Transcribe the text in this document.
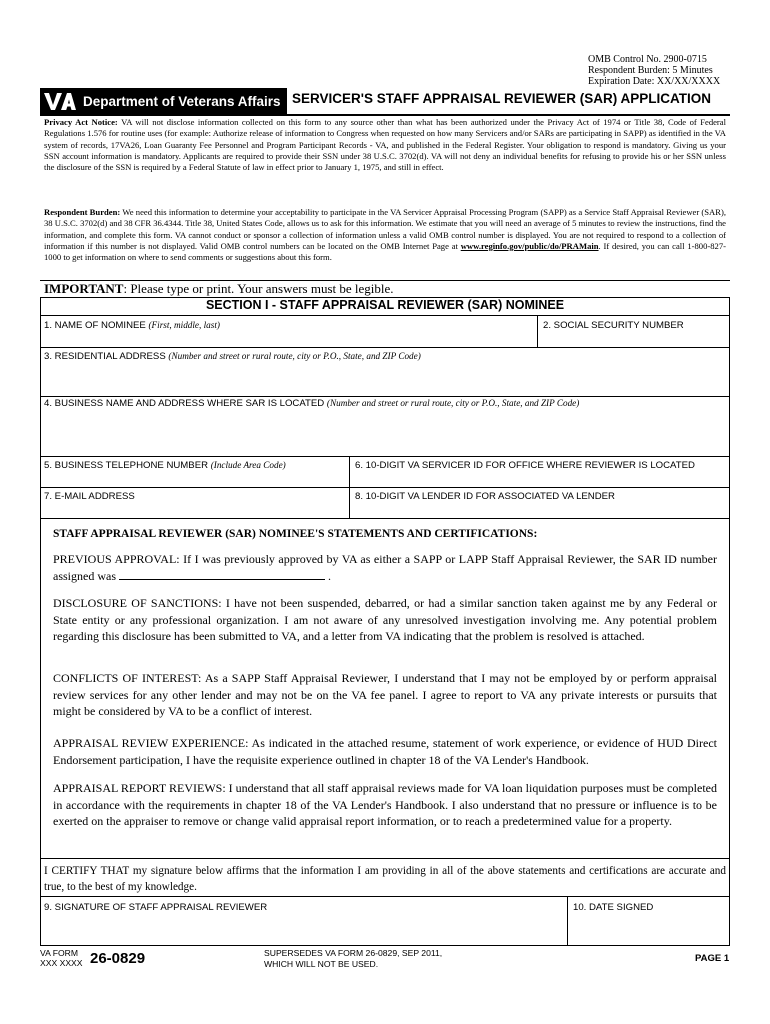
OMB Control No. 2900-0715
Respondent Burden: 5 Minutes
Expiration Date: XX/XX/XXXX
Department of Veterans Affairs SERVICER'S STAFF APPRAISAL REVIEWER (SAR) APPLICATION
Privacy Act Notice: VA will not disclose information collected on this form to any source other than what has been authorized under the Privacy Act of 1974 or Title 38, Code of Federal Regulations 1.576 for routine uses (for example: Authorize release of information to Congress when requested on how many Servicers and/or SARs are participating in SAPP) as identified in the VA system of records, 17VA26, Loan Guaranty Fee Personnel and Program Participant Records - VA, and published in the Federal Register. Your obligation to respond is mandatory. Giving us your SSN account information is mandatory. Applicants are required to provide their SSN under 38 U.S.C. 3702(d). VA will not deny an individual benefits for refusing to provide his or her SSN unless the disclosure of the SSN is required by a Federal Statute of law in effect prior to January 1, 1975, and still in effect.
Respondent Burden: We need this information to determine your acceptability to participate in the VA Servicer Appraisal Processing Program (SAPP) as a Service Staff Appraisal Reviewer (SAR), 38 U.S.C. 3702(d) and 38 CFR 36.4344. Title 38, United States Code, allows us to ask for this information. We estimate that you will need an average of 5 minutes to review the instructions, find the information, and complete this form. VA cannot conduct or sponsor a collection of information unless a valid OMB control number is displayed. You are not required to respond to a collection of information if this number is not displayed. Valid OMB control numbers can be located on the OMB Internet Page at www.reginfo.gov/public/do/PRAMain. If desired, you can call 1-800-827-1000 to get information on where to send comments or suggestions about this form.
IMPORTANT: Please type or print. Your answers must be legible.
SECTION I - STAFF APPRAISAL REVIEWER (SAR) NOMINEE
1. NAME OF NOMINEE (First, middle, last)	2. SOCIAL SECURITY NUMBER
3. RESIDENTIAL ADDRESS (Number and street or rural route, city or P.O., State, and ZIP Code)
4. BUSINESS NAME AND ADDRESS WHERE SAR IS LOCATED (Number and street or rural route, city or P.O., State, and ZIP Code)
5. BUSINESS TELEPHONE NUMBER (Include Area Code)	6. 10-DIGIT VA SERVICER ID FOR OFFICE WHERE REVIEWER IS LOCATED
7. E-MAIL ADDRESS	8. 10-DIGIT VA LENDER ID FOR ASSOCIATED VA LENDER
STAFF APPRAISAL REVIEWER (SAR) NOMINEE'S STATEMENTS AND CERTIFICATIONS:
PREVIOUS APPROVAL: If I was previously approved by VA as either a SAPP or LAPP Staff Appraisal Reviewer, the SAR ID number assigned was	.
DISCLOSURE OF SANCTIONS: I have not been suspended, debarred, or had a similar sanction taken against me by any Federal or State entity or any professional organization. I am not aware of any unresolved investigation involving me. Any potential problem regarding this disclosure has been submitted to VA, and a letter from VA indicating that the problem is resolved is attached.
CONFLICTS OF INTEREST: As a SAPP Staff Appraisal Reviewer, I understand that I may not be employed by or perform appraisal review services for any other lender and may not be on the VA fee panel. I agree to report to VA any private interests or pursuits that might be considered by VA to be a conflict of interest.
APPRAISAL REVIEW EXPERIENCE: As indicated in the attached resume, statement of work experience, or evidence of HUD Direct Endorsement participation, I have the requisite experience outlined in chapter 18 of the VA Lender's Handbook.
APPRAISAL REPORT REVIEWS: I understand that all staff appraisal reviews made for VA loan liquidation purposes must be completed in accordance with the requirements in chapter 18 of the VA Lender's Handbook. I also understand that no pressure or influence is to be exerted on the appraiser to remove or change valid appraisal report information, or to reach a predetermined value for a property.
I CERTIFY THAT my signature below affirms that the information I am providing in all of the above statements and certifications are accurate and true, to the best of my knowledge.
9. SIGNATURE OF STAFF APPRAISAL REVIEWER	10. DATE SIGNED
VA FORM
XXX XXXX 26-0829	SUPERSEDES VA FORM 26-0829, SEP 2011,
WHICH WILL NOT BE USED.	PAGE 1
